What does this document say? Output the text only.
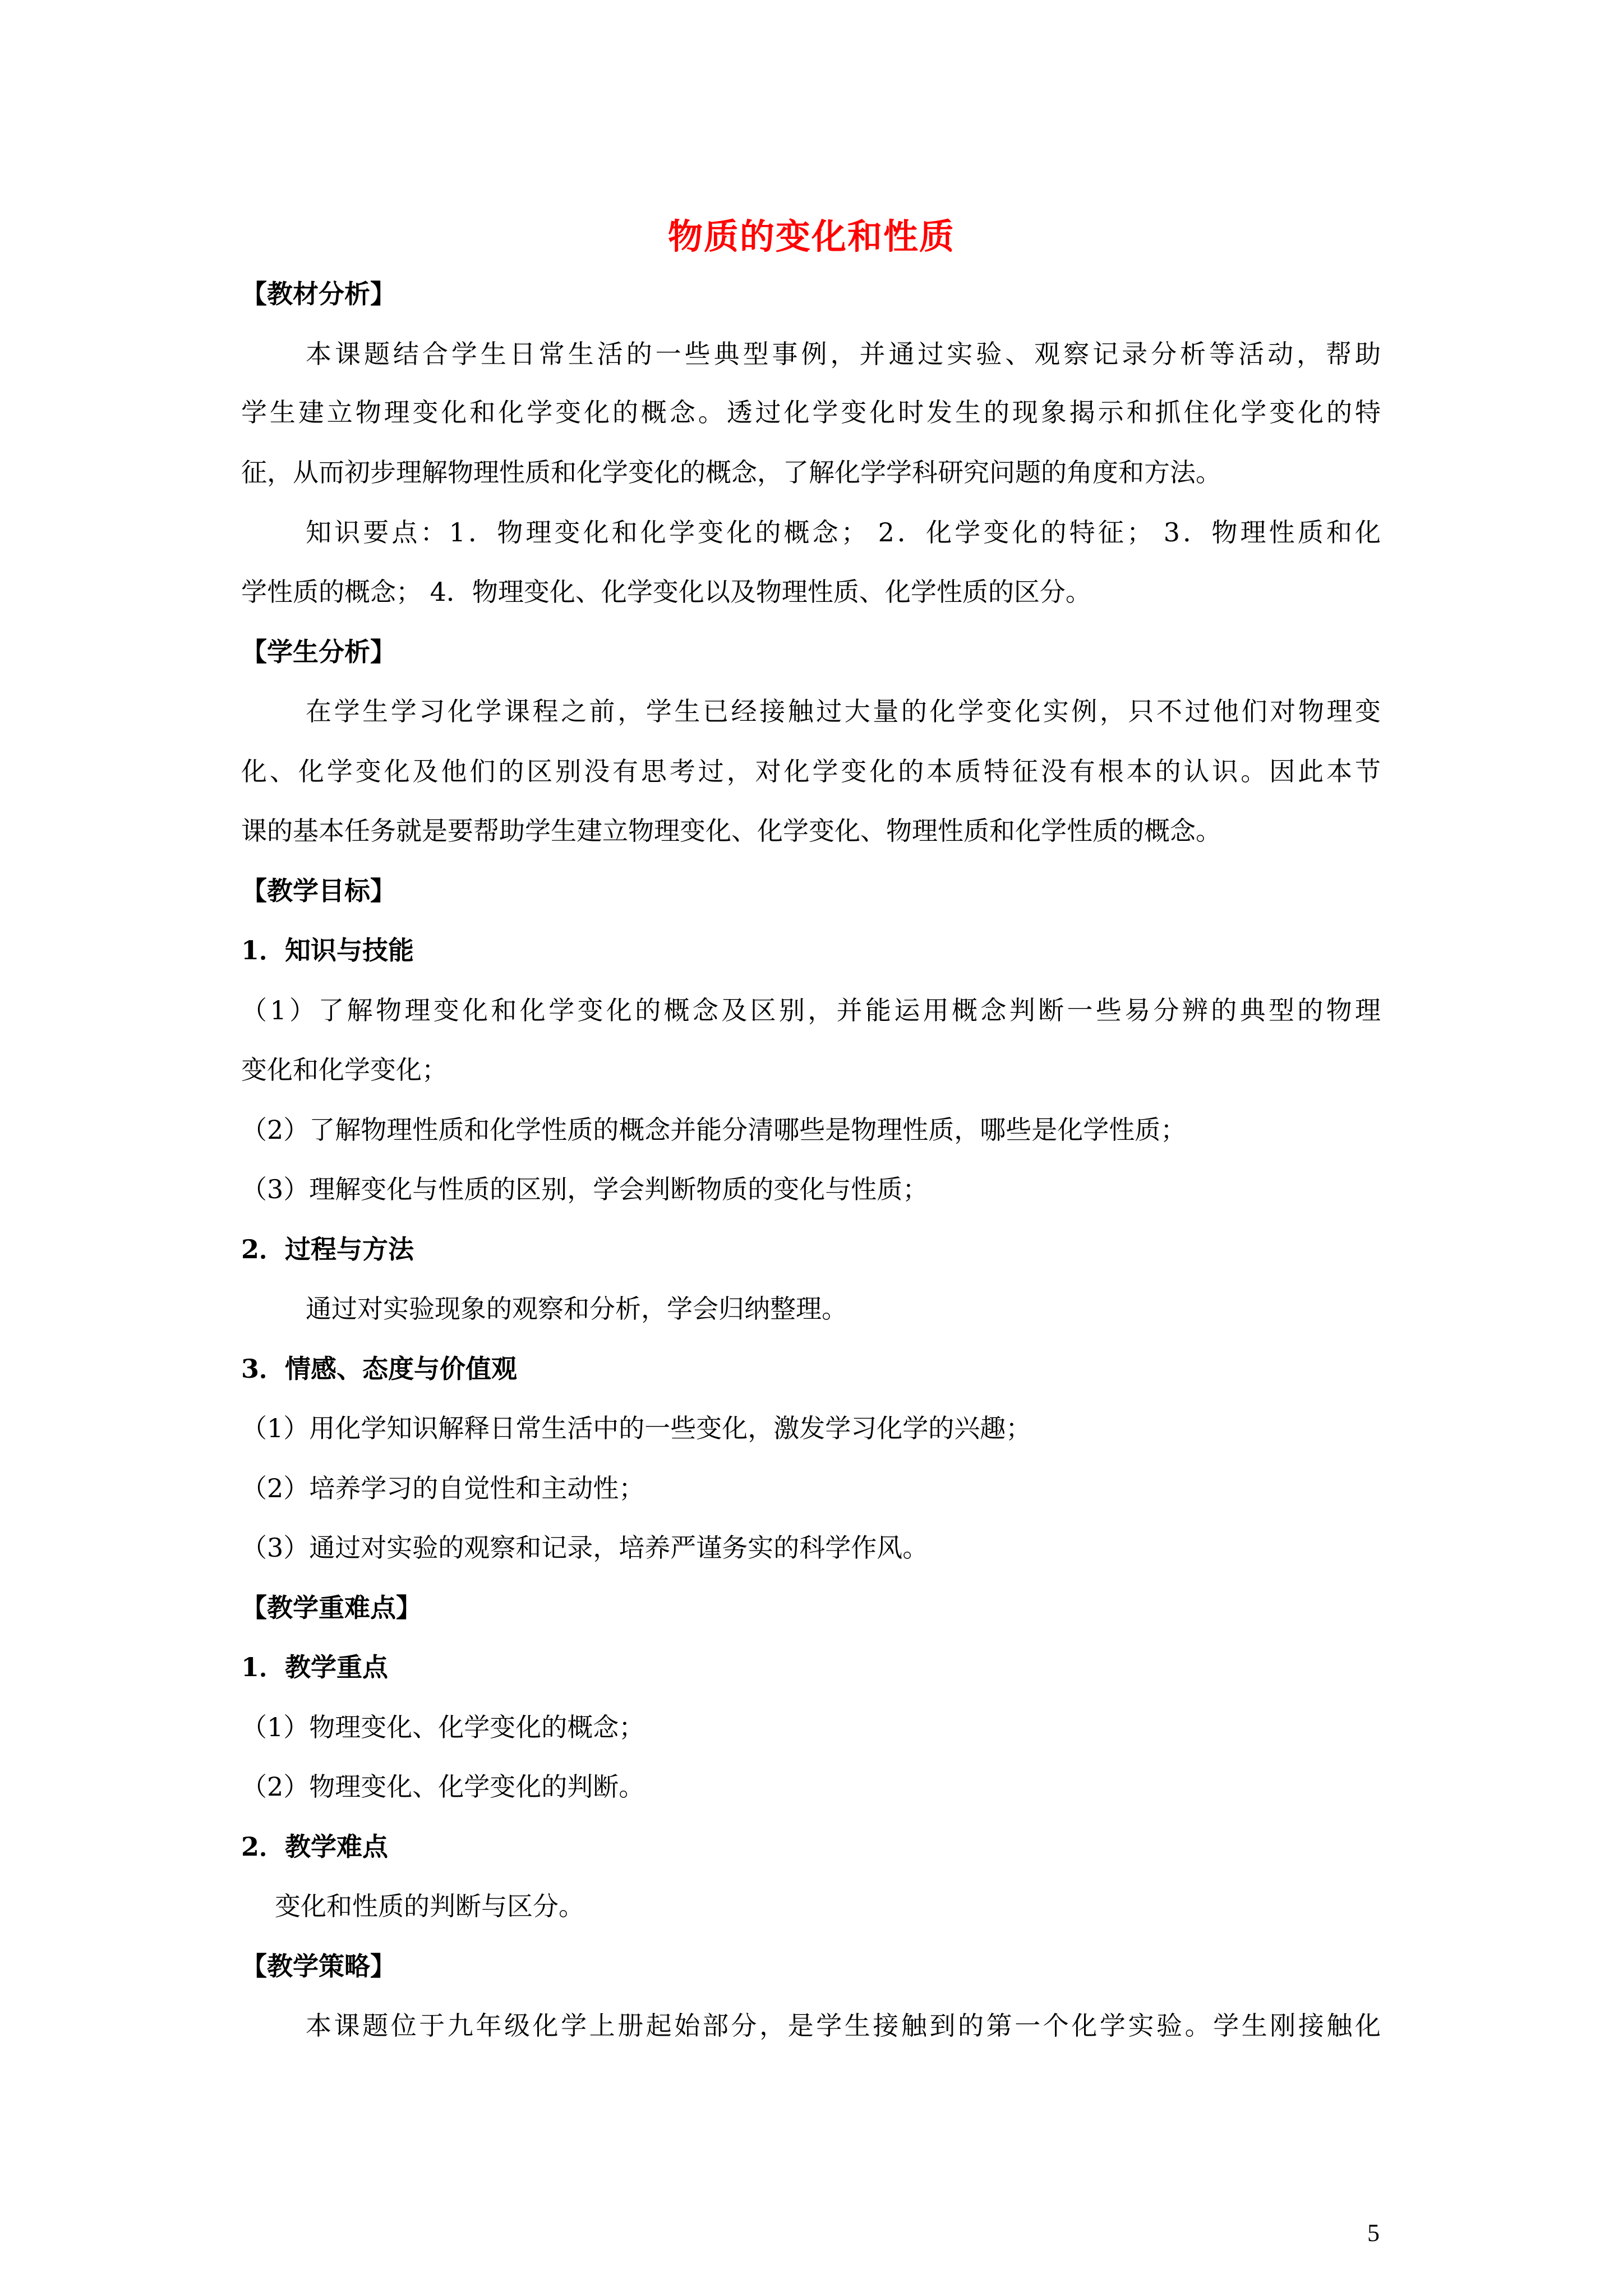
物质的变化和性质
【教材分析】
本课题结合学生日常生活的一些典型事例，并通过实验、观察记录分析等活动，帮助
学生建立物理变化和化学变化的概念。透过化学变化时发生的现象揭示和抓住化学变化的特
征，从而初步理解物理性质和化学变化的概念，了解化学学科研究问题的角度和方法。
知识要点：1．物理变化和化学变化的概念； 2．化学变化的特征； 3．物理性质和化
学性质的概念； 4．物理变化、化学变化以及物理性质、化学性质的区分。
【学生分析】
在学生学习化学课程之前，学生已经接触过大量的化学变化实例，只不过他们对物理变
化、化学变化及他们的区别没有思考过，对化学变化的本质特征没有根本的认识。因此本节
课的基本任务就是要帮助学生建立物理变化、化学变化、物理性质和化学性质的概念。
【教学目标】
1．知识与技能
（1）了解物理变化和化学变化的概念及区别，并能运用概念判断一些易分辨的典型的物理
变化和化学变化；
（2）了解物理性质和化学性质的概念并能分清哪些是物理性质，哪些是化学性质；
（3）理解变化与性质的区别，学会判断物质的变化与性质；
2．过程与方法
通过对实验现象的观察和分析，学会归纳整理。
3．情感、态度与价值观
（1）用化学知识解释日常生活中的一些变化，激发学习化学的兴趣；
（2）培养学习的自觉性和主动性；
（3）通过对实验的观察和记录，培养严谨务实的科学作风。
【教学重难点】
1．教学重点
（1）物理变化、化学变化的概念；
（2）物理变化、化学变化的判断。
2．教学难点
变化和性质的判断与区分。
【教学策略】
本课题位于九年级化学上册起始部分，是学生接触到的第一个化学实验。学生刚接触化
5
